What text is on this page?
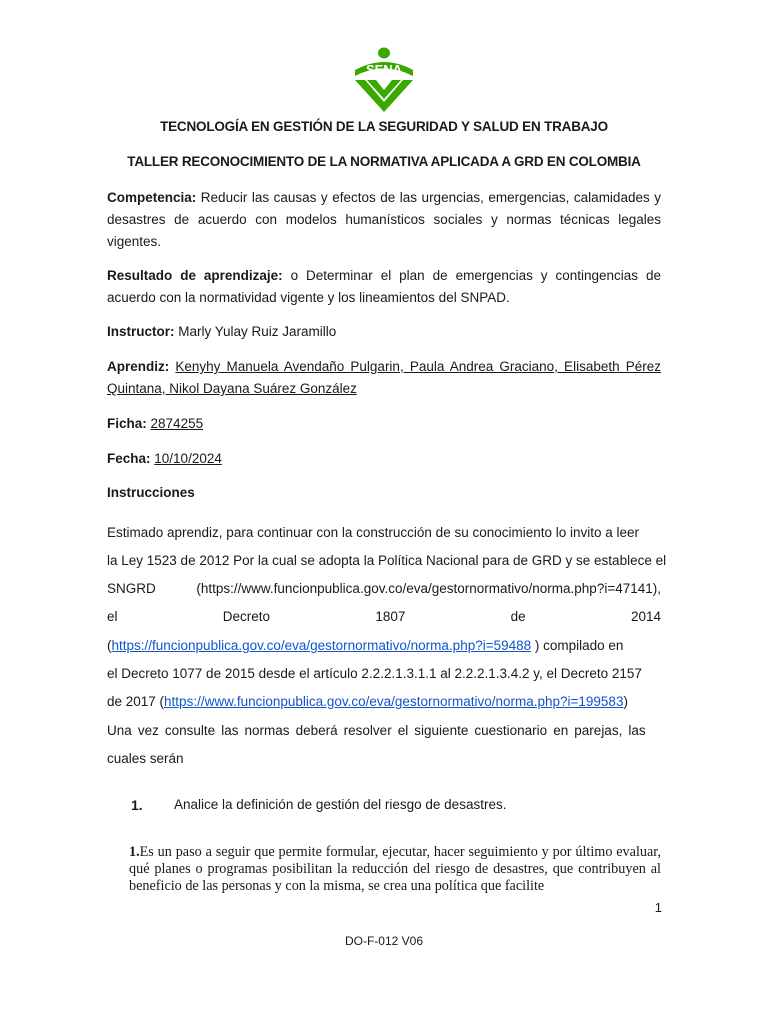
SENA
TECNOLOGÍA EN GESTIÓN DE LA SEGURIDAD Y SALUD EN TRABAJO
TALLER RECONOCIMIENTO DE LA NORMATIVA APLICADA A GRD EN COLOMBIA
Competencia: Reducir las causas y efectos de las urgencias, emergencias, calamidades y desastres de acuerdo con modelos humanísticos sociales y normas técnicas legales vigentes.
Resultado de aprendizaje: o Determinar el plan de emergencias y contingencias de acuerdo con la normatividad vigente y los lineamientos del SNPAD.
Instructor: Marly Yulay Ruiz Jaramillo
Aprendiz: Kenyhy Manuela Avendaño Pulgarin, Paula Andrea Graciano, Elisabeth Pérez Quintana, Nikol Dayana Suárez González
Ficha: 2874255
Fecha: 10/10/2024
Instrucciones
Estimado aprendiz, para continuar con la construcción de su conocimiento lo invito a leer
la Ley 1523 de 2012 Por la cual se adopta la Política Nacional para de GRD y se establece el
SNGRD	(https://www.funcionpublica.gov.co/eva/gestornormativo/norma.php?i=47141),
el	Decreto	1807	de	2014
(https://funcionpublica.gov.co/eva/gestornormativo/norma.php?i=59488 ) compilado en
el Decreto 1077 de 2015 desde el artículo 2.2.2.1.3.1.1 al 2.2.2.1.3.4.2 y, el Decreto 2157
de 2017 (https://www.funcionpublica.gov.co/eva/gestornormativo/norma.php?i=199583)
Una vez consulte las normas deberá resolver el siguiente cuestionario en parejas, las
cuales serán
1. Analice la definición de gestión del riesgo de desastres.
1.Es un paso a seguir que permite formular, ejecutar, hacer seguimiento y por último evaluar, qué planes o programas posibilitan la reducción del riesgo de desastres, que contribuyen al beneficio de las personas y con la misma, se crea una política que facilite
1
DO-F-012 V06
